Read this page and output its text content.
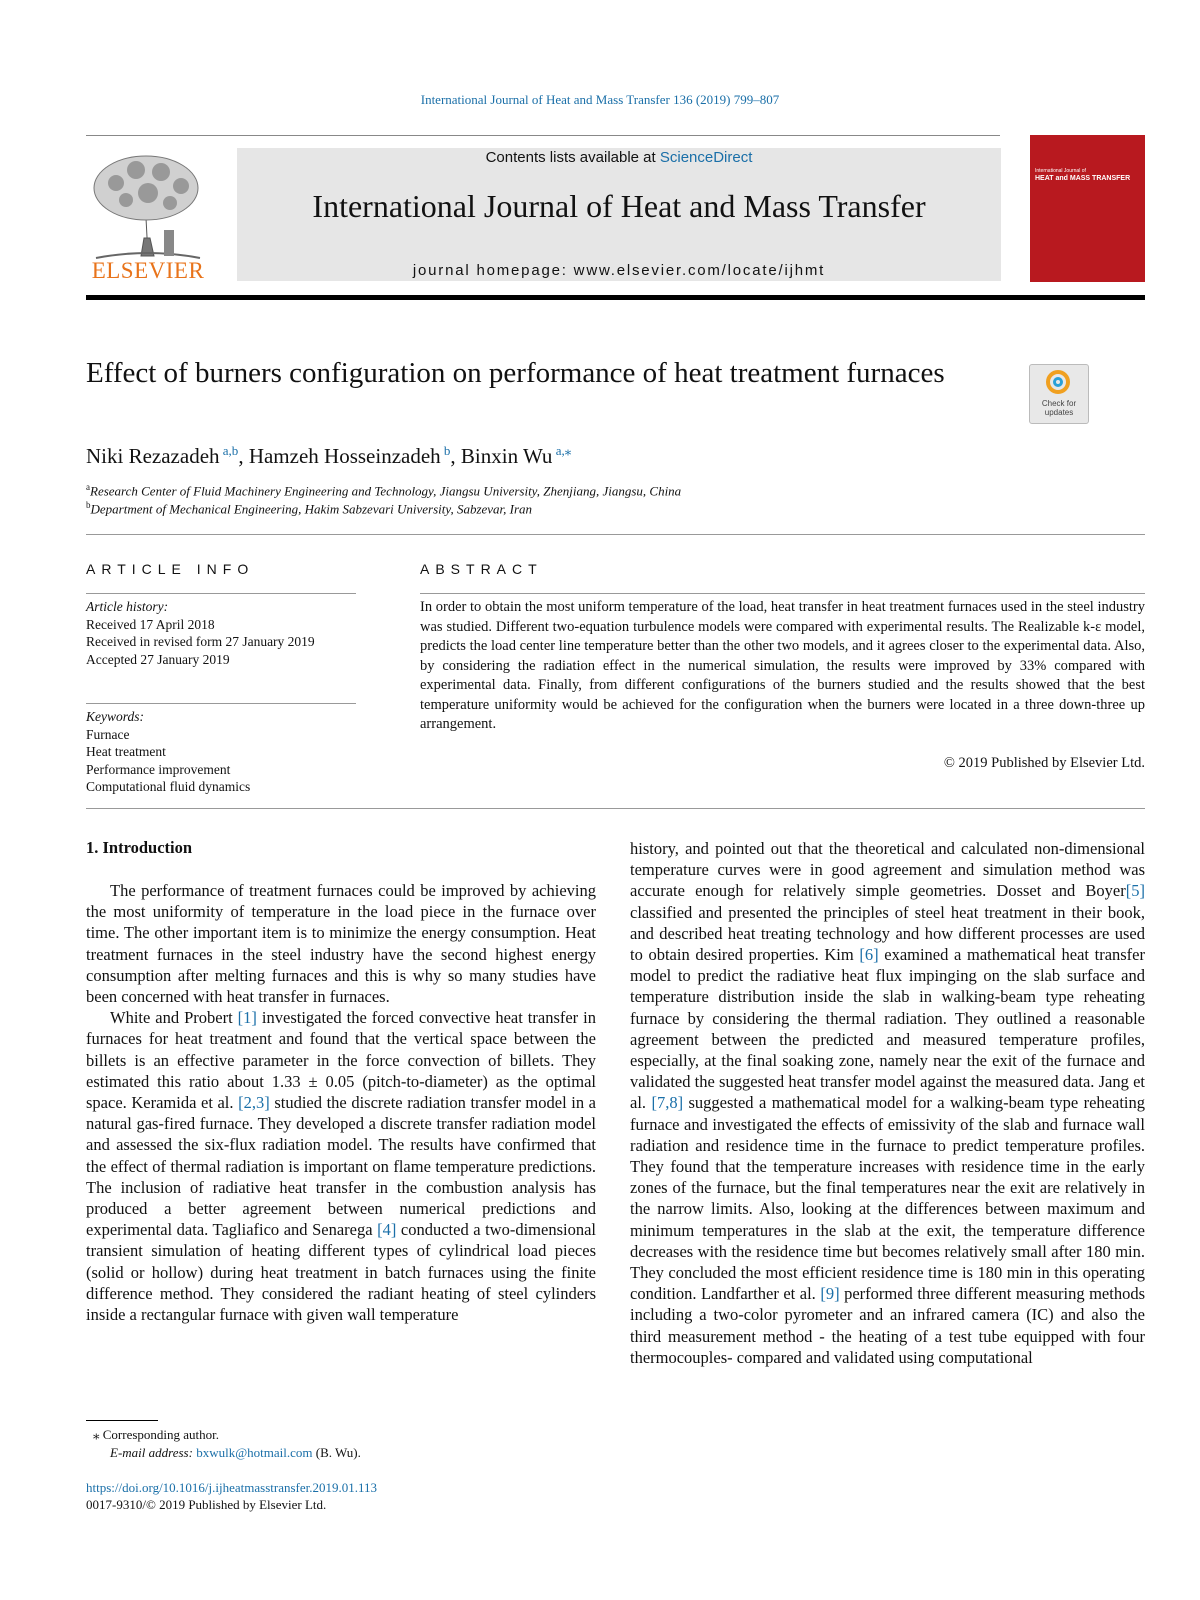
International Journal of Heat and Mass Transfer 136 (2019) 799–807
ELSEVIER
Contents lists available at ScienceDirect
International Journal of Heat and Mass Transfer
journal homepage: www.elsevier.com/locate/ijhmt
International Journal of
HEAT and MASS TRANSFER
Effect of burners configuration on performance of heat treatment furnaces
Check for updates
Niki Rezazadeh $^{a,b}$, Hamzeh Hosseinzadeh $^b$, Binxin Wu $^{a,⁎}$
$^a$Research Center of Fluid Machinery Engineering and Technology, Jiangsu University, Zhenjiang, Jiangsu, China
$^b$Department of Mechanical Engineering, Hakim Sabzevari University, Sabzevar, Iran
ARTICLE INFO	ABSTRACT
Article history:
Received 17 April 2018
Received in revised form 27 January 2019
Accepted 27 January 2019
Keywords:
Furnace
Heat treatment
Performance improvement
Computational fluid dynamics
In order to obtain the most uniform temperature of the load, heat transfer in heat treatment furnaces used in the steel industry was studied. Different two-equation turbulence models were compared with experimental results. The Realizable k-ε model, predicts the load center line temperature better than the other two models, and it agrees closer to the experimental data. Also, by considering the radiation effect in the numerical simulation, the results were improved by 33% compared with experimental data. Finally, from different configurations of the burners studied and the results showed that the best temperature uniformity would be achieved for the configuration when the burners were located in a three down-three up arrangement.
© 2019 Published by Elsevier Ltd.
1. Introduction

The performance of treatment furnaces could be improved by achieving the most uniformity of temperature in the load piece in the furnace over time. The other important item is to minimize the energy consumption. Heat treatment furnaces in the steel industry have the second highest energy consumption after melting furnaces and this is why so many studies have been concerned with heat transfer in furnaces.

White and Probert [1] investigated the forced convective heat transfer in furnaces for heat treatment and found that the vertical space between the billets is an effective parameter in the force convection of billets. They estimated this ratio about 1.33 ± 0.05 (pitch-to-diameter) as the optimal space. Keramida et al. [2,3] studied the discrete radiation transfer model in a natural gas-fired furnace. They developed a discrete transfer radiation model and assessed the six-flux radiation model. The results have confirmed that the effect of thermal radiation is important on flame temperature predictions. The inclusion of radiative heat transfer in the combustion analysis has produced a better agreement between numerical predictions and experimental data. Tagliafico and Senarega [4] conducted a two-dimensional transient simulation of heating different types of cylindrical load pieces (solid or hollow) during heat treatment in batch furnaces using the finite difference method. They considered the radiant heating of steel cylinders inside a rectangular furnace with given wall temperature

history, and pointed out that the theoretical and calculated non-dimensional temperature curves were in good agreement and simulation method was accurate enough for relatively simple geometries. Dosset and Boyer[5] classified and presented the principles of steel heat treatment in their book, and described heat treating technology and how different processes are used to obtain desired properties. Kim [6] examined a mathematical heat transfer model to predict the radiative heat flux impinging on the slab surface and temperature distribution inside the slab in walking-beam type reheating furnace by considering the thermal radiation. They outlined a reasonable agreement between the predicted and measured temperature profiles, especially, at the final soaking zone, namely near the exit of the furnace and validated the suggested heat transfer model against the measured data. Jang et al. [7,8] suggested a mathematical model for a walking-beam type reheating furnace and investigated the effects of emissivity of the slab and furnace wall radiation and residence time in the furnace to predict temperature profiles. They found that the temperature increases with residence time in the early zones of the furnace, but the final temperatures near the exit are relatively in the narrow limits. Also, looking at the differences between maximum and minimum temperatures in the slab at the exit, the temperature difference decreases with the residence time but becomes relatively small after 180 min. They concluded the most efficient residence time is 180 min in this operating condition. Landfarther et al. [9] performed three different measuring methods including a two-color pyrometer and an infrared camera (IC) and also the third measurement method - the heating of a test tube equipped with four thermocouples- compared and validated using computational

⁎ Corresponding author.
E-mail address: bxwulk@hotmail.com (B. Wu).
https://doi.org/10.1016/j.ijheatmasstransfer.2019.01.113
0017-9310/© 2019 Published by Elsevier Ltd.
